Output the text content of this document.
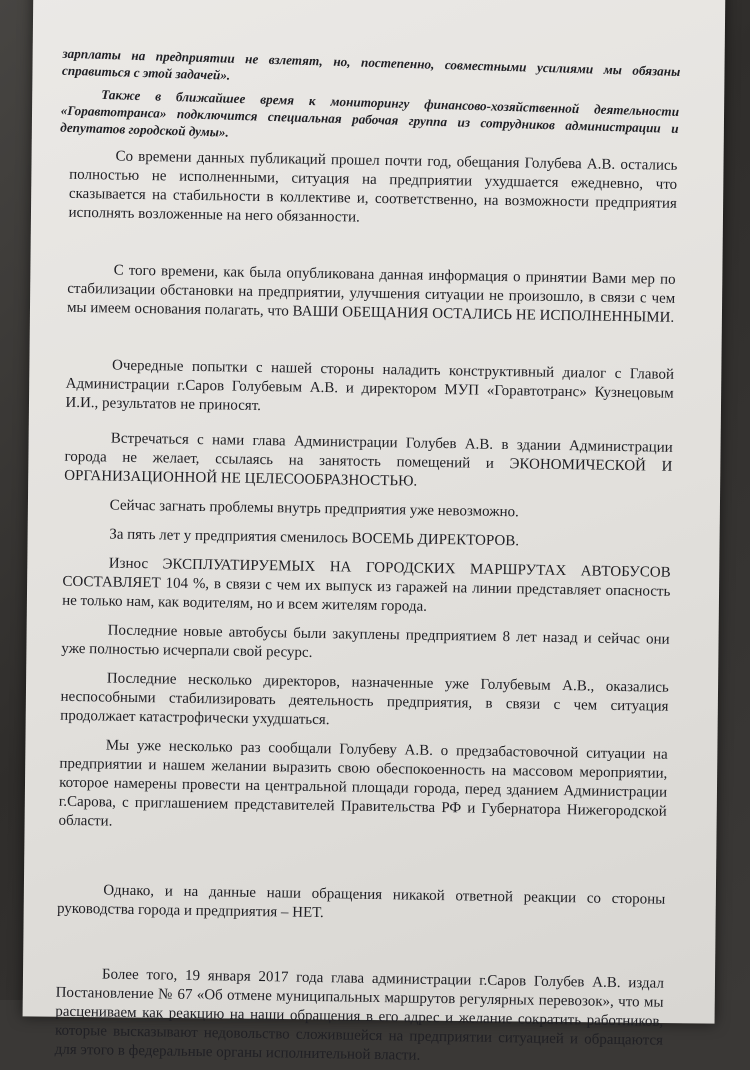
зарплаты на предприятии не взлетят, но, постепенно, совместными усилиями мы обязаны справиться с этой задачей».

Также в ближайшее время к мониторингу финансово-хозяйственной деятельности «Горавтотранса» подключится специальная рабочая группа из сотрудников администрации и депутатов городской думы».

Со времени данных публикаций прошел почти год, обещания Голубева А.В. остались полностью не исполненными, ситуация на предприятии ухудшается ежедневно, что сказывается на стабильности в коллективе и, соответственно, на возможности предприятия исполнять возложенные на него обязанности.

С того времени, как была опубликована данная информация о принятии Вами мер по стабилизации обстановки на предприятии, улучшения ситуации не произошло, в связи с чем мы имеем основания полагать, что ВАШИ ОБЕЩАНИЯ ОСТАЛИСЬ НЕ ИСПОЛНЕННЫМИ.

Очередные попытки с нашей стороны наладить конструктивный диалог с Главой Администрации г.Саров Голубевым А.В. и директором МУП «Горавтотранс» Кузнецовым И.И., результатов не приносят.

Встречаться с нами глава Администрации Голубев А.В. в здании Администрации города не желает, ссылаясь на занятость помещений и ЭКОНОМИЧЕСКОЙ И ОРГАНИЗАЦИОННОЙ НЕ ЦЕЛЕСООБРАЗНОСТЬЮ.

Сейчас загнать проблемы внутрь предприятия уже невозможно.

За пять лет у предприятия сменилось ВОСЕМЬ ДИРЕКТОРОВ.

Износ ЭКСПЛУАТИРУЕМЫХ НА ГОРОДСКИХ МАРШРУТАХ АВТОБУСОВ СОСТАВЛЯЕТ 104 %, в связи с чем их выпуск из гаражей на линии представляет опасность не только нам, как водителям, но и всем жителям города.

Последние новые автобусы были закуплены предприятием 8 лет назад и сейчас они уже полностью исчерпали свой ресурс.

Последние несколько директоров, назначенные уже Голубевым А.В., оказались неспособными стабилизировать деятельность предприятия, в связи с чем ситуация продолжает катастрофически ухудшаться.

Мы уже несколько раз сообщали Голубеву А.В. о предзабастовочной ситуации на предприятии и нашем желании выразить свою обеспокоенность на массовом мероприятии, которое намерены провести на центральной площади города, перед зданием Администрации г.Сарова, с приглашением представителей Правительства РФ и Губернатора Нижегородской области.

Однако, и на данные наши обращения никакой ответной реакции со стороны руководства города и предприятия – НЕТ.

Более того, 19 января 2017 года глава администрации г.Саров Голубев А.В. издал Постановление № 67 «Об отмене муниципальных маршрутов регулярных перевозок», что мы расцениваем как реакцию на наши обращения в его адрес и желание сократить работников, которые высказывают недовольство сложившейся на предприятии ситуацией и обращаются для этого в федеральные органы исполнительной власти.
